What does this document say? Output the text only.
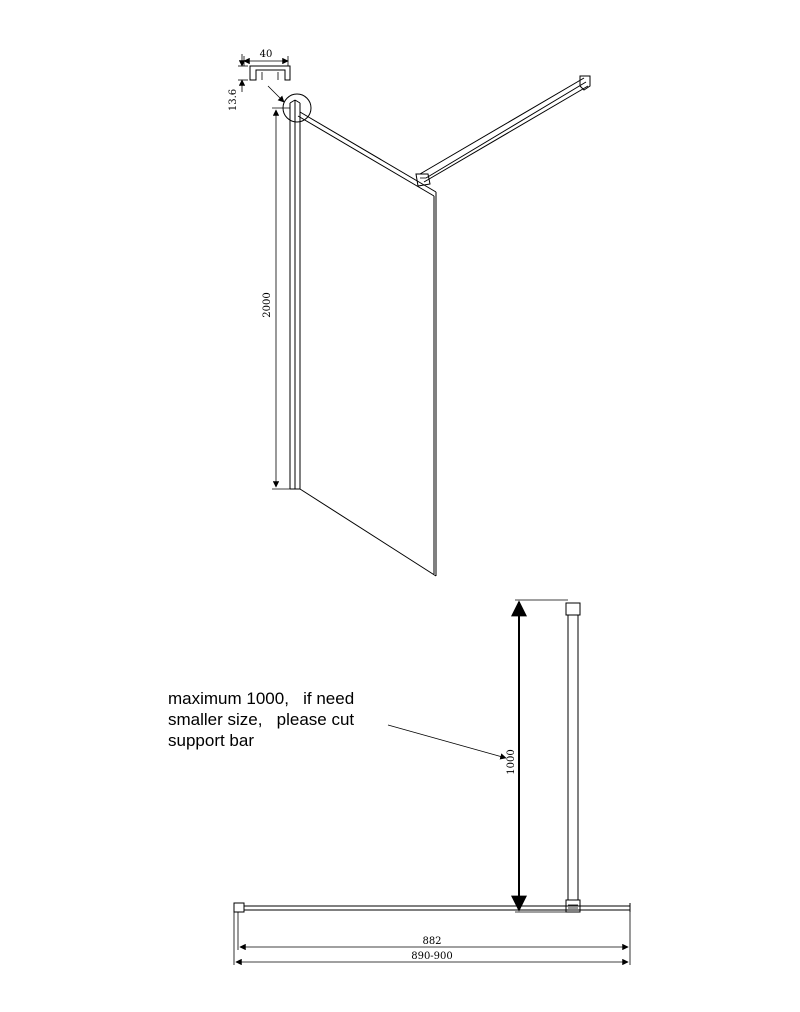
40
13.6
2000
1000
882
890-900
maximum 1000,   if need
smaller size,   please cut
support bar
